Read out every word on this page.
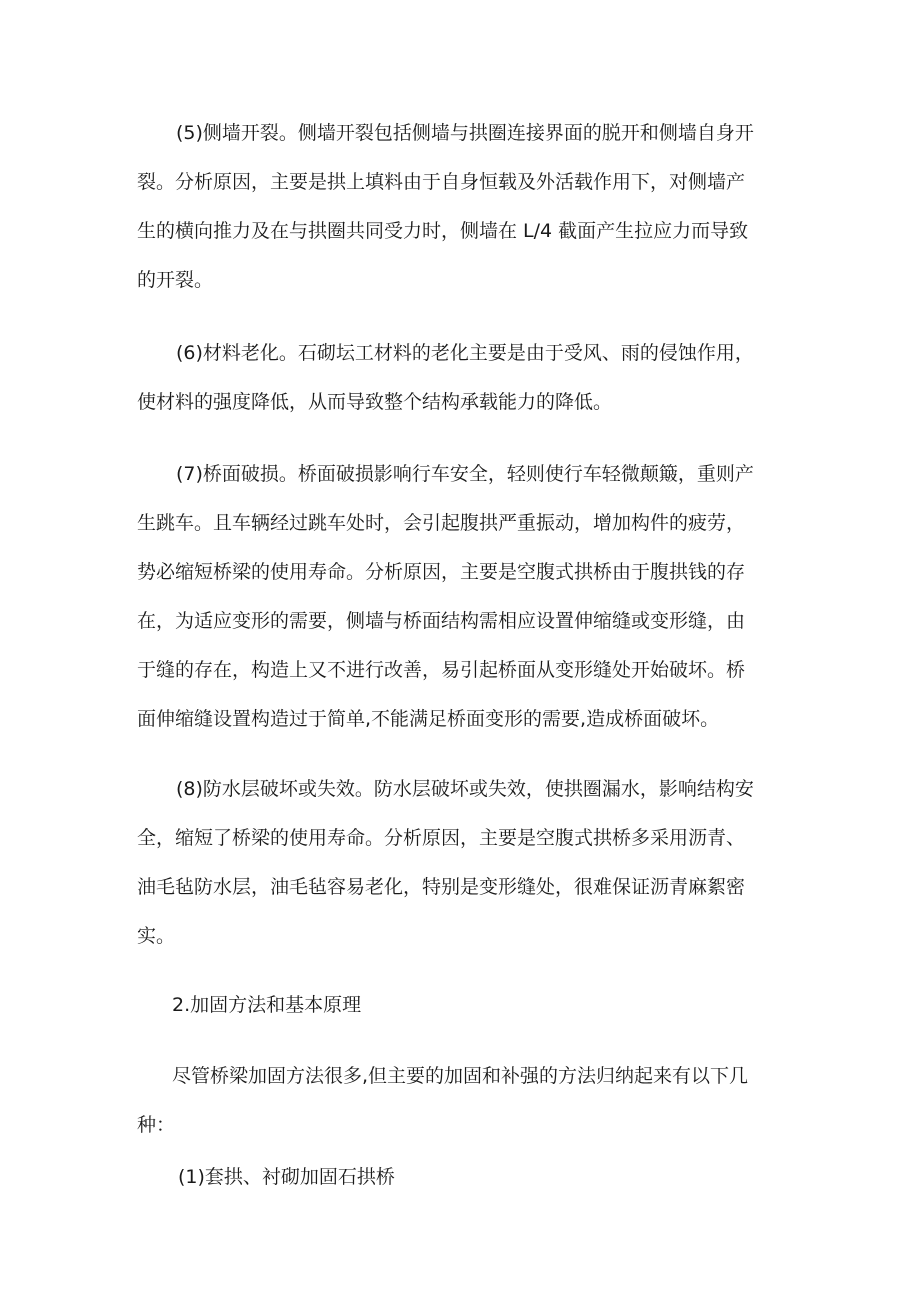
(5)侧墙开裂。侧墙开裂包括侧墙与拱圈连接界面的脱开和侧墙自身开
裂。分析原因，主要是拱上填料由于自身恒载及外活载作用下，对侧墙产
生的横向推力及在与拱圈共同受力时，侧墙在 L/4 截面产生拉应力而导致
的开裂。
(6)材料老化。石砌坛工材料的老化主要是由于受风、雨的侵蚀作用，
使材料的强度降低，从而导致整个结构承载能力的降低。
(7)桥面破损。桥面破损影响行车安全，轻则使行车轻微颠簸，重则产
生跳车。且车辆经过跳车处时，会引起腹拱严重振动，增加构件的疲劳，
势必缩短桥梁的使用寿命。分析原因，主要是空腹式拱桥由于腹拱钱的存
在，为适应变形的需要，侧墙与桥面结构需相应设置伸缩缝或变形缝，由
于缝的存在，构造上又不进行改善，易引起桥面从变形缝处开始破坏。桥
面伸缩缝设置构造过于简单,不能满足桥面变形的需要,造成桥面破坏。
(8)防水层破坏或失效。防水层破坏或失效，使拱圈漏水，影响结构安
全，缩短了桥梁的使用寿命。分析原因，主要是空腹式拱桥多采用沥青、
油毛毡防水层，油毛毡容易老化，特别是变形缝处，很难保证沥青麻絮密
实。
2.加固方法和基本原理
尽管桥梁加固方法很多,但主要的加固和补强的方法归纳起来有以下几
种：
(1)套拱、衬砌加固石拱桥
